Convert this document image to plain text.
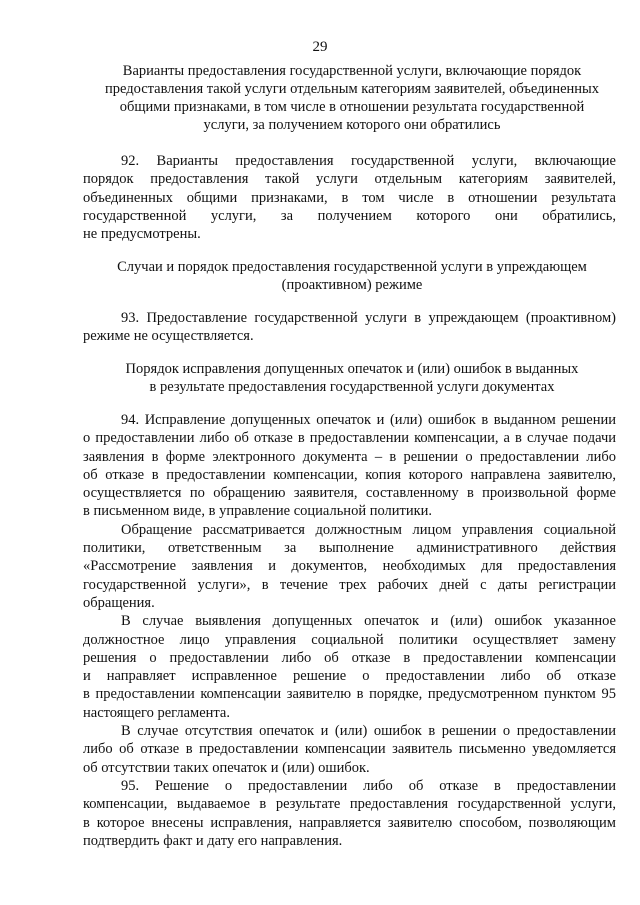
29
Варианты предоставления государственной услуги, включающие порядок
предоставления такой услуги отдельным категориям заявителей, объединенных
общими признаками, в том числе в отношении результата государственной
услуги, за получением которого они обратились
92. Варианты предоставления государственной услуги, включающие
порядок предоставления такой услуги отдельным категориям заявителей,
объединенных общими признаками, в том числе в отношении результата
государственной услуги, за получением которого они обратились,
не предусмотрены.
Случаи и порядок предоставления государственной услуги в упреждающем
(проактивном) режиме
93. Предоставление государственной услуги в упреждающем (проактивном)
режиме не осуществляется.
Порядок исправления допущенных опечаток и (или) ошибок в выданных
в результате предоставления государственной услуги документах
94. Исправление допущенных опечаток и (или) ошибок в выданном решении
о предоставлении либо об отказе в предоставлении компенсации, а в случае подачи
заявления в форме электронного документа – в решении о предоставлении либо
об отказе в предоставлении компенсации, копия которого направлена заявителю,
осуществляется по обращению заявителя, составленному в произвольной форме
в письменном виде, в управление социальной политики.
Обращение рассматривается должностным лицом управления социальной
политики, ответственным за выполнение административного действия
«Рассмотрение заявления и документов, необходимых для предоставления
государственной услуги», в течение трех рабочих дней с даты регистрации
обращения.
В случае выявления допущенных опечаток и (или) ошибок указанное
должностное лицо управления социальной политики осуществляет замену
решения о предоставлении либо об отказе в предоставлении компенсации
и направляет исправленное решение о предоставлении либо об отказе
в предоставлении компенсации заявителю в порядке, предусмотренном пунктом 95
настоящего регламента.
В случае отсутствия опечаток и (или) ошибок в решении о предоставлении
либо об отказе в предоставлении компенсации заявитель письменно уведомляется
об отсутствии таких опечаток и (или) ошибок.
95. Решение о предоставлении либо об отказе в предоставлении
компенсации, выдаваемое в результате предоставления государственной услуги,
в которое внесены исправления, направляется заявителю способом, позволяющим
подтвердить факт и дату его направления.
